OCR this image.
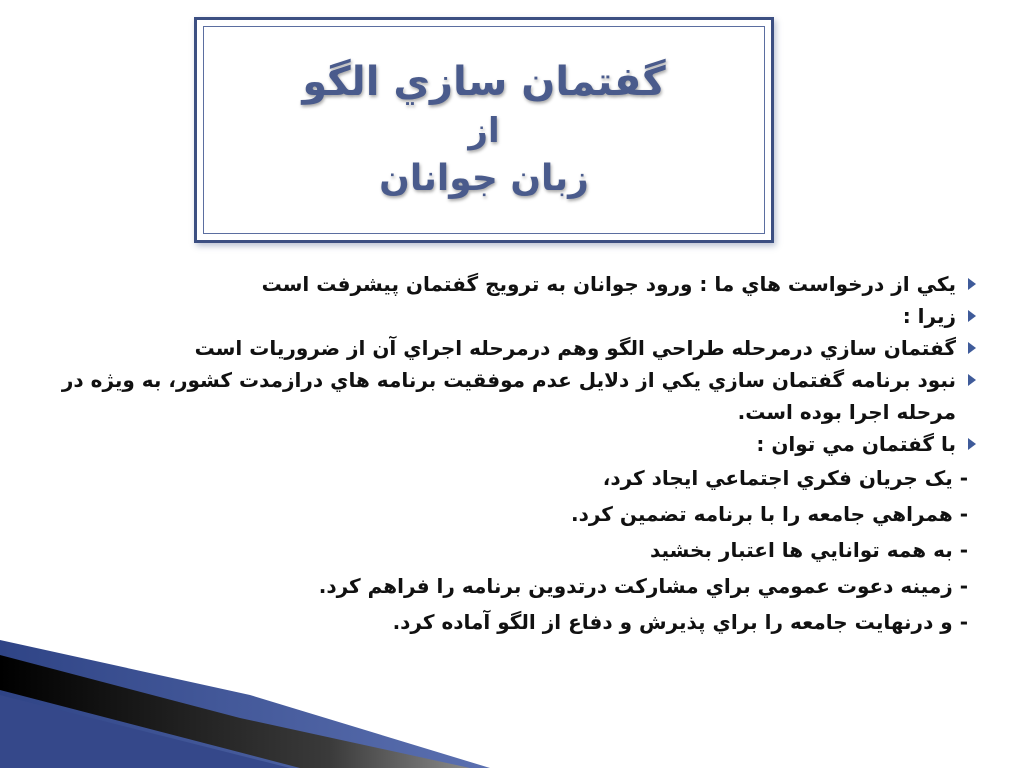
گفتمان سازي الگو
از
زبان جوانان
يکي از درخواست هاي ما : ورود جوانان به ترويج گفتمان پيشرفت است
زيرا :
گفتمان سازي درمرحله طراحي الگو وهم درمرحله اجراي آن از ضروريات است
نبود برنامه گفتمان سازي يکي از دلايل عدم موفقيت برنامه هاي درازمدت کشور، به ويژه در مرحله اجرا بوده است.
با گفتمان مي توان :
- يک جريان فکري اجتماعي ايجاد کرد،
- همراهي جامعه را با برنامه تضمين کرد.
- به همه توانايي ها اعتبار بخشيد
- زمينه دعوت عمومي براي مشارکت درتدوين برنامه را فراهم کرد.
- و درنهايت جامعه را براي پذيرش و دفاع از الگو آماده کرد.
